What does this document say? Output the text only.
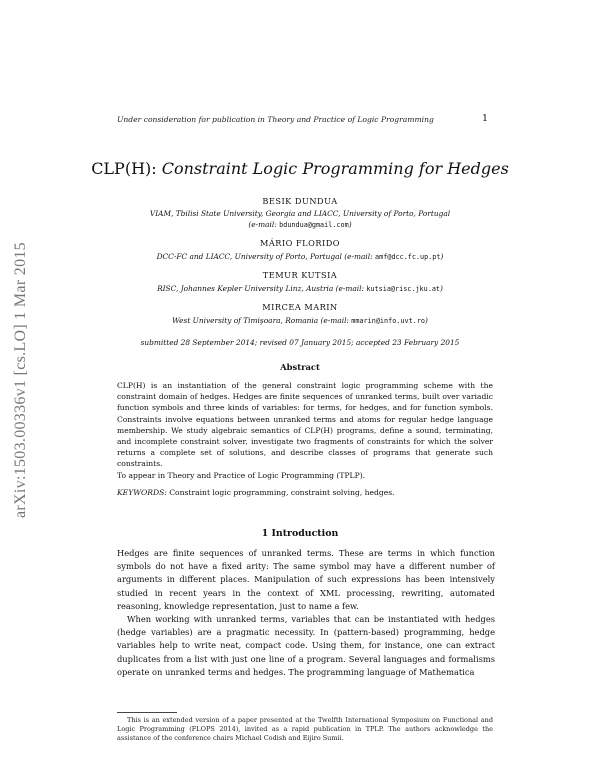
arXiv:1503.00336v1 [cs.LO] 1 Mar 2015
Under consideration for publication in Theory and Practice of Logic Programming	1
CLP(H): Constraint Logic Programming for Hedges
BESIK DUNDUA
VIAM, Tbilisi State University, Georgia and LIACC, University of Porto, Portugal
(e-mail: bdundua@gmail.com)
MÁRIO FLORIDO
DCC-FC and LIACC, University of Porto, Portugal (e-mail: amf@dcc.fc.up.pt)
TEMUR KUTSIA
RISC, Johannes Kepler University Linz, Austria (e-mail: kutsia@risc.jku.at)
MIRCEA MARIN
West University of Timişoara, Romania (e-mail: mmarin@info.uvt.ro)
submitted 28 September 2014; revised 07 January 2015; accepted 23 February 2015
Abstract
CLP(H) is an instantiation of the general constraint logic programming scheme with the constraint domain of hedges. Hedges are finite sequences of unranked terms, built over variadic function symbols and three kinds of variables: for terms, for hedges, and for function symbols. Constraints involve equations between unranked terms and atoms for regular hedge language membership. We study algebraic semantics of CLP(H) programs, define a sound, terminating, and incomplete constraint solver, investigate two fragments of constraints for which the solver returns a complete set of solutions, and describe classes of programs that generate such constraints.
To appear in Theory and Practice of Logic Programming (TPLP).
KEYWORDS: Constraint logic programming, constraint solving, hedges.
1 Introduction

Hedges are finite sequences of unranked terms. These are terms in which function symbols do not have a fixed arity: The same symbol may have a different number of arguments in different places. Manipulation of such expressions has been intensively studied in recent years in the context of XML processing, rewriting, automated reasoning, knowledge representation, just to name a few.

When working with unranked terms, variables that can be instantiated with hedges (hedge variables) are a pragmatic necessity. In (pattern-based) programming, hedge variables help to write neat, compact code. Using them, for instance, one can extract duplicates from a list with just one line of a program. Several languages and formalisms operate on unranked terms and hedges. The programming language of Mathematica

This is an extended version of a paper presented at the Twelfth International Symposium on Functional and Logic Programming (FLOPS 2014), invited as a rapid publication in TPLP. The authors acknowledge the assistance of the conference chairs Michael Codish and Eijiro Sumii.
